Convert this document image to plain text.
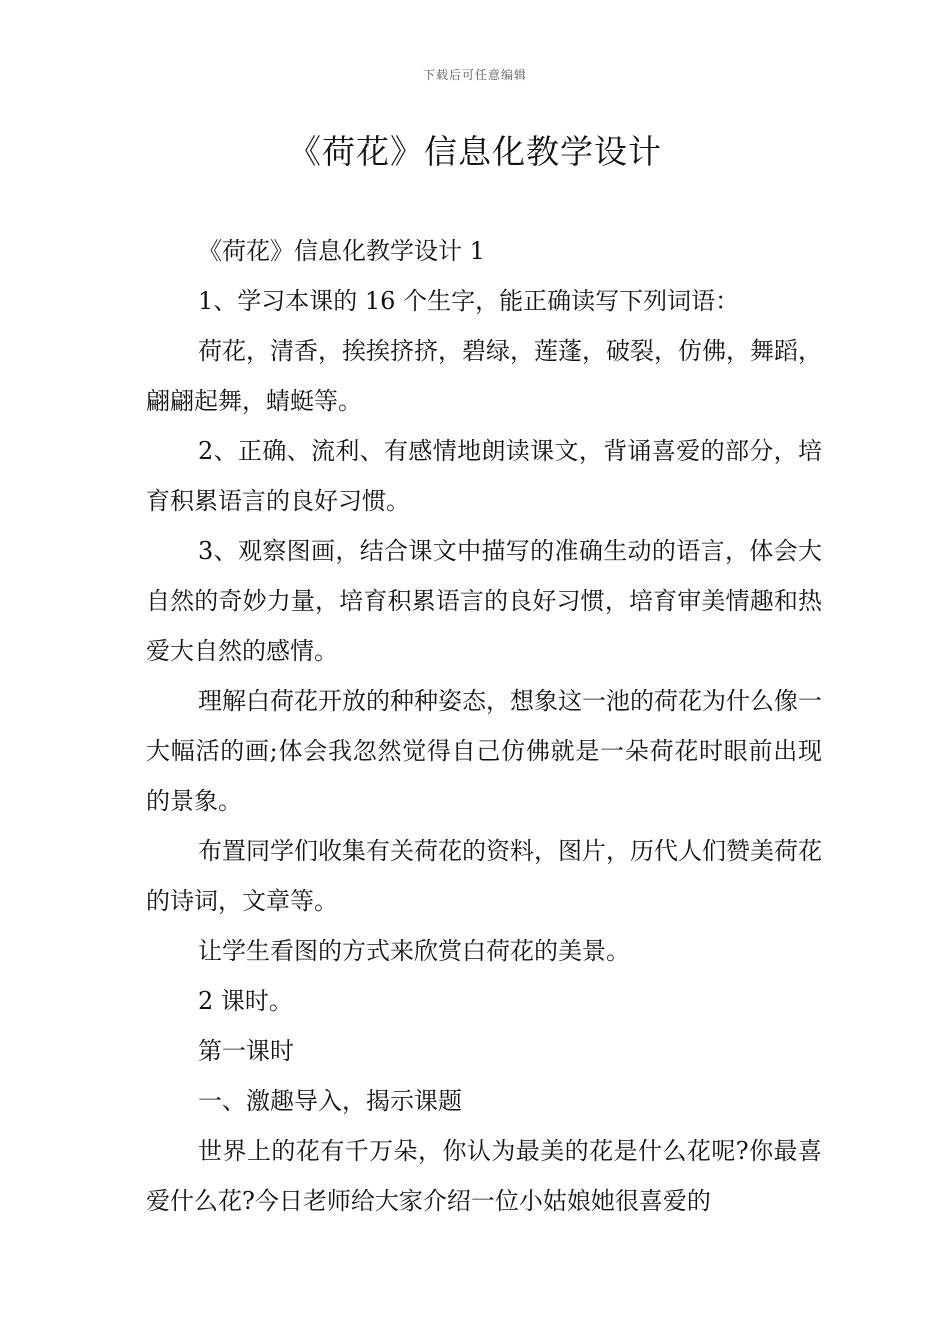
下载后可任意编辑
《荷花》信息化教学设计

《荷花》信息化教学设计 1

1、学习本课的 16 个生字，能正确读写下列词语：

荷花，清香，挨挨挤挤，碧绿，莲蓬，破裂，仿佛，舞蹈，翩翩起舞，蜻蜓等。

2、正确、流利、有感情地朗读课文，背诵喜爱的部分，培育积累语言的良好习惯。

3、观察图画，结合课文中描写的准确生动的语言，体会大自然的奇妙力量，培育积累语言的良好习惯，培育审美情趣和热爱大自然的感情。

理解白荷花开放的种种姿态，想象这一池的荷花为什么像一大幅活的画;体会我忽然觉得自己仿佛就是一朵荷花时眼前出现的景象。

布置同学们收集有关荷花的资料，图片，历代人们赞美荷花的诗词，文章等。

让学生看图的方式来欣赏白荷花的美景。

2 课时。

第一课时

一、激趣导入，揭示课题

世界上的花有千万朵，你认为最美的花是什么花呢?你最喜爱什么花?今日老师给大家介绍一位小姑娘她很喜爱的
